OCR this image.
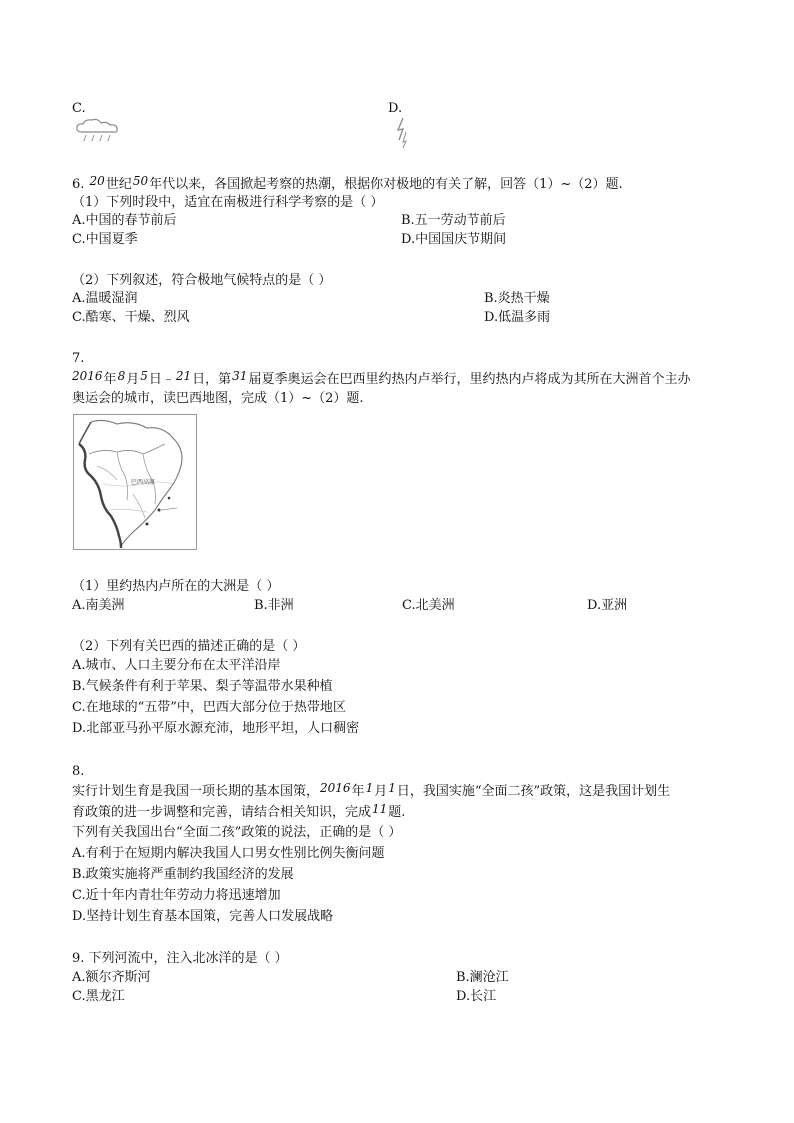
C.	D.
6. 20世纪50年代以来，各国掀起考察的热潮，根据你对极地的有关了解，回答（1）~（2）题.
（1）下列时段中，适宜在南极进行科学考察的是（ ）
A.中国的春节前后	B.五一劳动节前后
C.中国夏季	D.中国国庆节期间
（2）下列叙述，符合极地气候特点的是（ ）
A.温暖湿润	B.炎热干燥
C.酷寒、干燥、烈风	D.低温多雨
7.
2016年8月5日﹣21日，第31届夏季奥运会在巴西里约热内卢举行，里约热内卢将成为其所在大洲首个主办
奥运会的城市，读巴西地图，完成（1）~（2）题.
巴西高原
（1）里约热内卢所在的大洲是（ ）
A.南美洲	B.非洲	C.北美洲	D.亚洲
（2）下列有关巴西的描述正确的是（ ）
A.城市、人口主要分布在太平洋沿岸
B.气候条件有利于苹果、梨子等温带水果种植
C.在地球的“五带”中，巴西大部分位于热带地区
D.北部亚马孙平原水源充沛，地形平坦，人口稠密
8.
实行计划生育是我国一项长期的基本国策，2016年1月1日，我国实施“全面二孩”政策，这是我国计划生
育政策的进一步调整和完善，请结合相关知识，完成11题.
下列有关我国出台“全面二孩”政策的说法，正确的是（ ）
A.有利于在短期内解决我国人口男女性别比例失衡问题
B.政策实施将严重制约我国经济的发展
C.近十年内青壮年劳动力将迅速增加
D.坚持计划生育基本国策，完善人口发展战略
9. 下列河流中，注入北冰洋的是（ ）
A.额尔齐斯河	B.澜沧江
C.黑龙江	D.长江
